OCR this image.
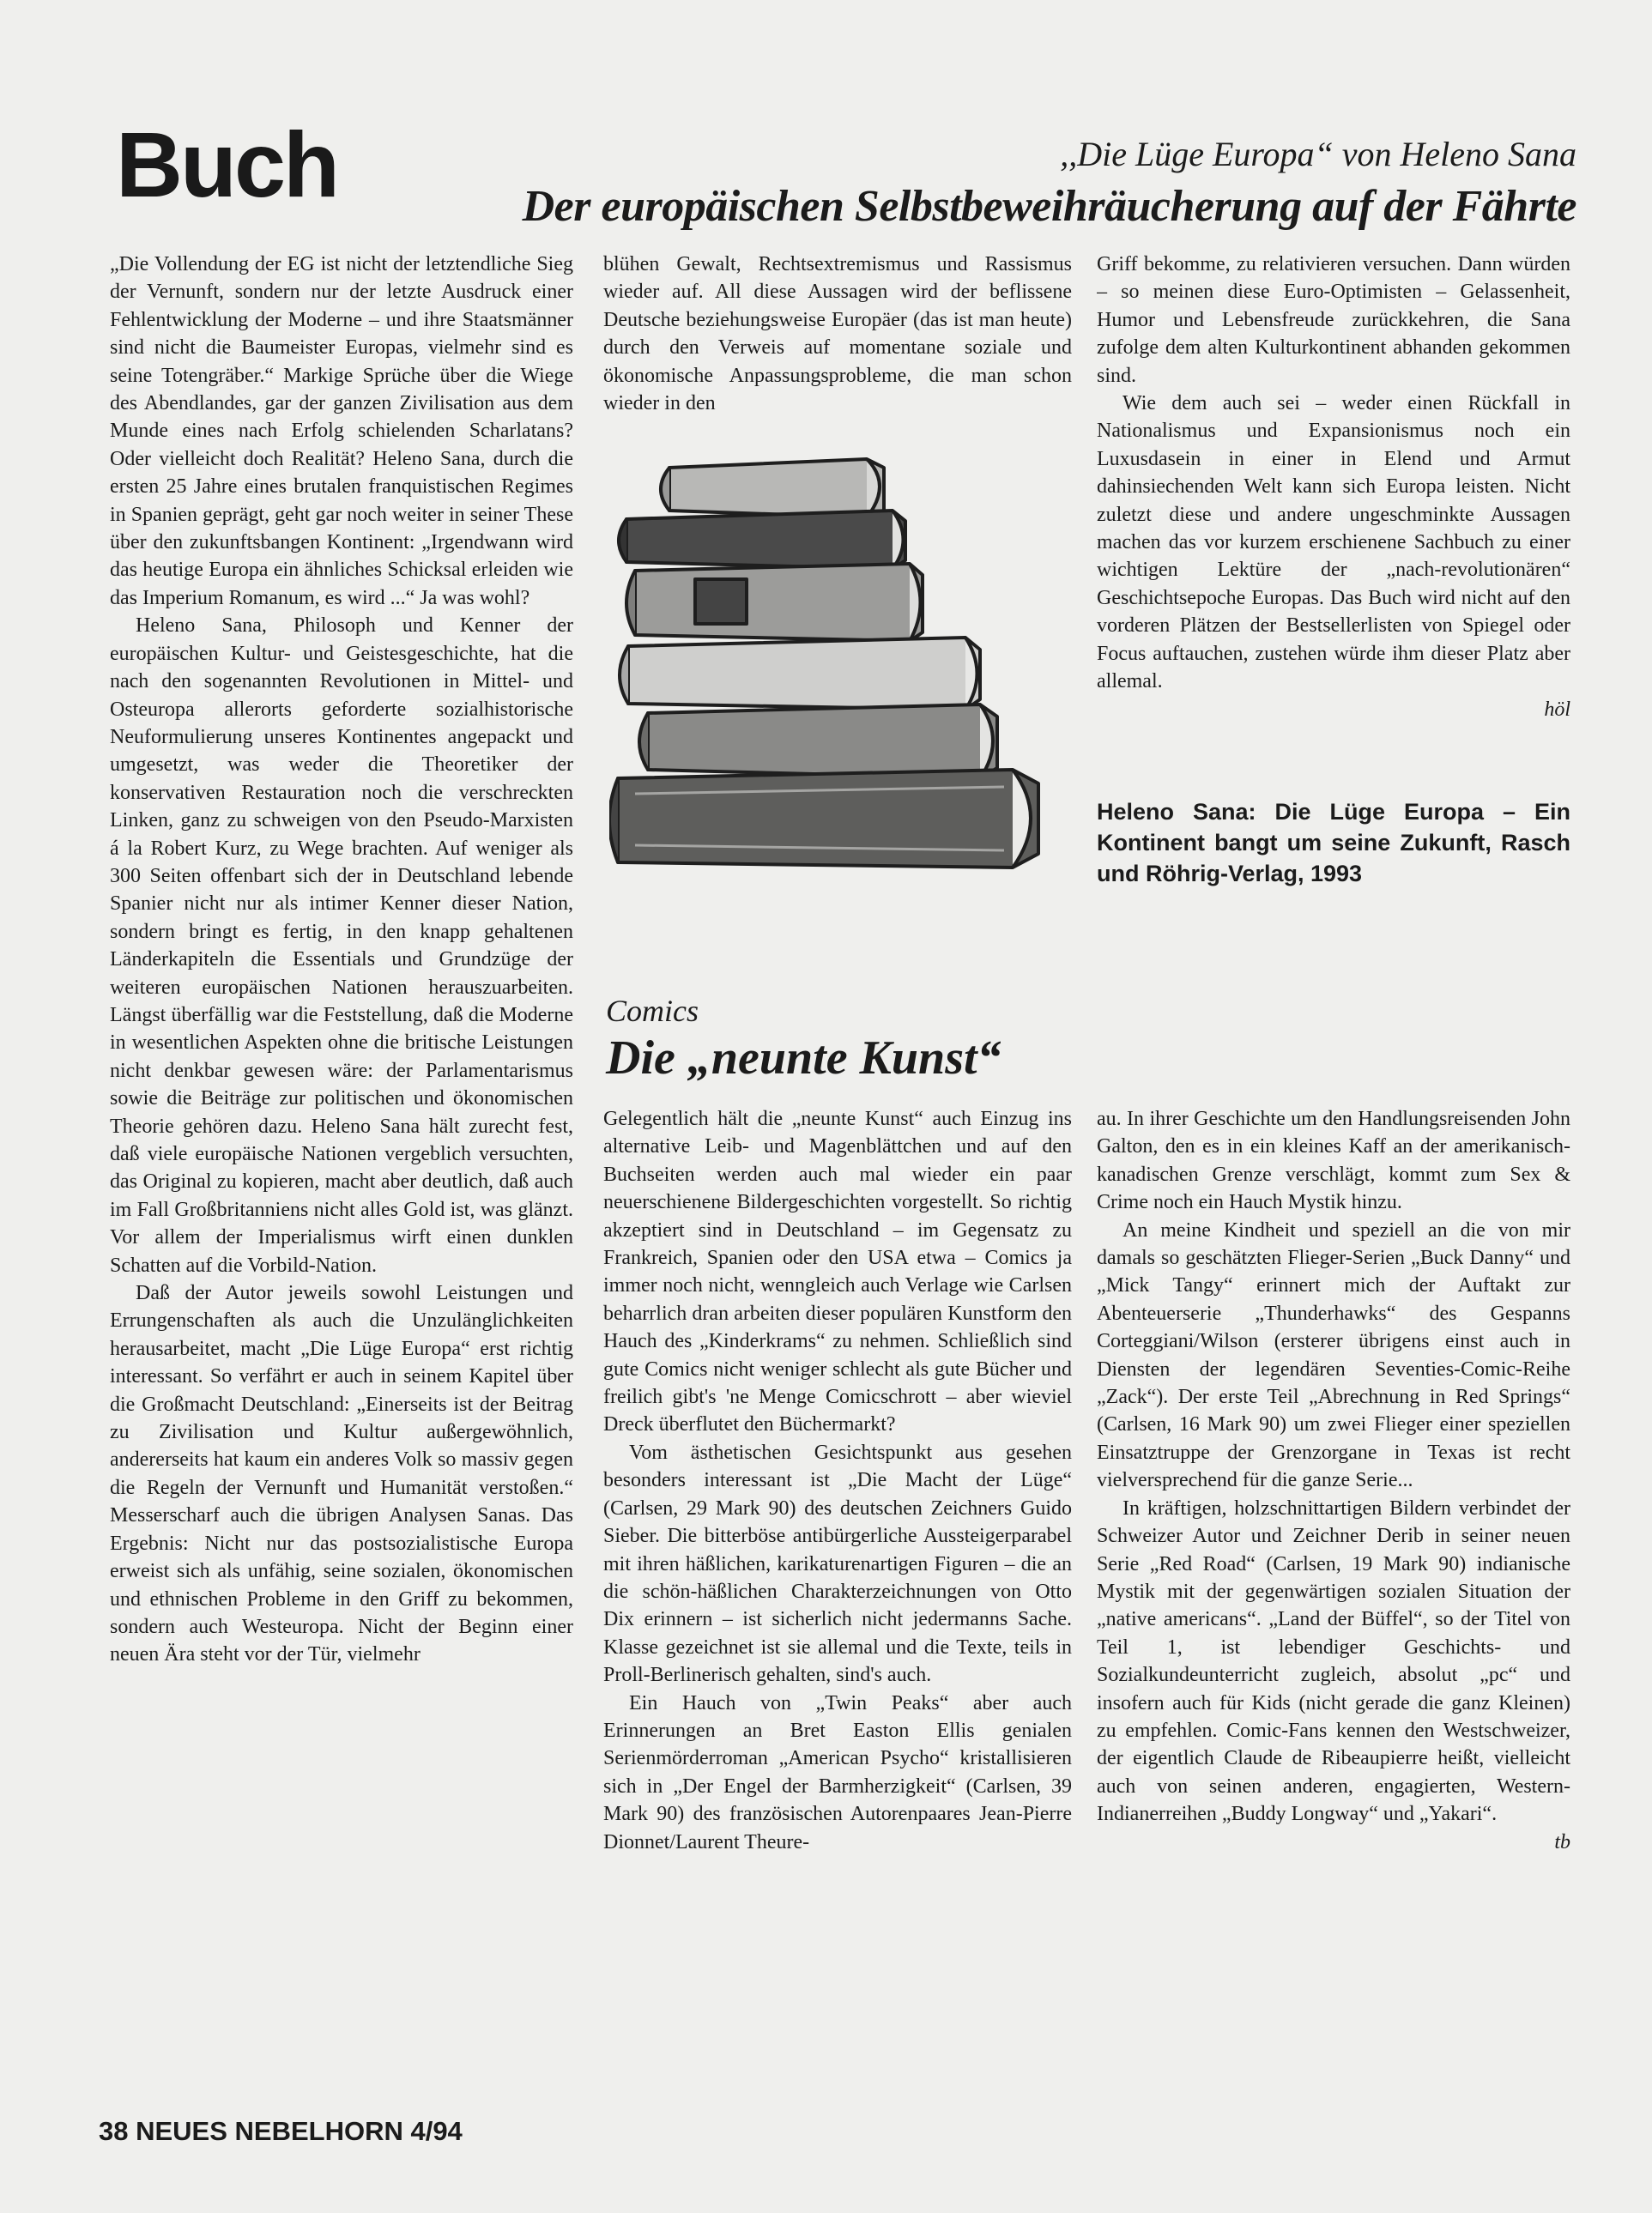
Buch	,,Die Lüge Europa“ von Heleno Sana
Der europäischen Selbstbeweihräucherung auf der Fährte

„Die Vollendung der EG ist nicht der letztendliche Sieg der Vernunft, sondern nur der letzte Ausdruck einer Fehlentwicklung der Moderne – und ihre Staatsmänner sind nicht die Baumeister Europas, vielmehr sind es seine Totengräber.“ Markige Sprüche über die Wiege des Abendlandes, gar der ganzen Zivilisation aus dem Munde eines nach Erfolg schielenden Scharlatans? Oder vielleicht doch Realität? Heleno Sana, durch die ersten 25 Jahre eines brutalen franquistischen Regimes in Spanien geprägt, geht gar noch weiter in seiner These über den zukunftsbangen Kontinent: „Irgendwann wird das heutige Europa ein ähnliches Schicksal erleiden wie das Imperium Romanum, es wird ...“ Ja was wohl?

Heleno Sana, Philosoph und Kenner der europäischen Kultur- und Geistesgeschichte, hat die nach den sogenannten Revolutionen in Mittel- und Osteuropa allerorts geforderte sozialhistorische Neuformulierung unseres Kontinentes angepackt und umgesetzt, was weder die Theoretiker der konservativen Restauration noch die verschreckten Linken, ganz zu schweigen von den Pseudo-Marxisten á la Robert Kurz, zu Wege brachten. Auf weniger als 300 Seiten offenbart sich der in Deutschland lebende Spanier nicht nur als intimer Kenner dieser Nation, sondern bringt es fertig, in den knapp gehaltenen Länderkapiteln die Essentials und Grundzüge der weiteren europäischen Nationen herauszuarbeiten. Längst überfällig war die Feststellung, daß die Moderne in wesentlichen Aspekten ohne die britische Leistungen nicht denkbar gewesen wäre: der Parlamentarismus sowie die Beiträge zur politischen und ökonomischen Theorie gehören dazu. Heleno Sana hält zurecht fest, daß viele europäische Nationen vergeblich versuchten, das Original zu kopieren, macht aber deutlich, daß auch im Fall Großbritanniens nicht alles Gold ist, was glänzt. Vor allem der Imperialismus wirft einen dunklen Schatten auf die Vorbild-Nation.

Daß der Autor jeweils sowohl Leistungen und Errungenschaften als auch die Unzulänglichkeiten herausarbeitet, macht „Die Lüge Europa“ erst richtig interessant. So verfährt er auch in seinem Kapitel über die Großmacht Deutschland: „Einerseits ist der Beitrag zu Zivilisation und Kultur außergewöhnlich, andererseits hat kaum ein anderes Volk so massiv gegen die Regeln der Vernunft und Humanität verstoßen.“ Messerscharf auch die übrigen Analysen Sanas. Das Ergebnis: Nicht nur das postsozialistische Europa erweist sich als unfähig, seine sozialen, ökonomischen und ethnischen Probleme in den Griff zu bekommen, sondern auch Westeuropa. Nicht der Beginn einer neuen Ära steht vor der Tür, vielmehr

blühen Gewalt, Rechtsextremismus und Rassismus wieder auf. All diese Aussagen wird der beflissene Deutsche beziehungsweise Europäer (das ist man heute) durch den Verweis auf momentane soziale und ökonomische Anpassungsprobleme, die man schon wieder in den

Griff bekomme, zu relativieren versuchen. Dann würden – so meinen diese Euro-Optimisten – Gelassenheit, Humor und Lebensfreude zurückkehren, die Sana zufolge dem alten Kulturkontinent abhanden gekommen sind.

Wie dem auch sei – weder einen Rückfall in Nationalismus und Expansionismus noch ein Luxusdasein in einer in Elend und Armut dahinsiechenden Welt kann sich Europa leisten. Nicht zuletzt diese und andere ungeschminkte Aussagen machen das vor kurzem erschienene Sachbuch zu einer wichtigen Lektüre der „nach-revolutionären“ Geschichtsepoche Europas. Das Buch wird nicht auf den vorderen Plätzen der Bestsellerlisten von Spiegel oder Focus auftauchen, zustehen würde ihm dieser Platz aber allemal.

höl

Heleno Sana: Die Lüge Europa – Ein Kontinent bangt um seine Zukunft, Rasch und Röhrig-Verlag, 1993
Comics
Die „neunte Kunst“

Gelegentlich hält die „neunte Kunst“ auch Einzug ins alternative Leib- und Magenblättchen und auf den Buchseiten werden auch mal wieder ein paar neuerschienene Bildergeschichten vorgestellt. So richtig akzeptiert sind in Deutschland – im Gegensatz zu Frankreich, Spanien oder den USA etwa – Comics ja immer noch nicht, wenngleich auch Verlage wie Carlsen beharrlich dran arbeiten dieser populären Kunstform den Hauch des „Kinderkrams“ zu nehmen. Schließlich sind gute Comics nicht weniger schlecht als gute Bücher und freilich gibt's 'ne Menge Comicschrott – aber wieviel Dreck überflutet den Büchermarkt?

Vom ästhetischen Gesichtspunkt aus gesehen besonders interessant ist „Die Macht der Lüge“ (Carlsen, 29 Mark 90) des deutschen Zeichners Guido Sieber. Die bitterböse antibürgerliche Aussteigerparabel mit ihren häßlichen, karikaturenartigen Figuren – die an die schön-häßlichen Charakterzeichnungen von Otto Dix erinnern – ist sicherlich nicht jedermanns Sache. Klasse gezeichnet ist sie allemal und die Texte, teils in Proll-Berlinerisch gehalten, sind's auch.

Ein Hauch von „Twin Peaks“ aber auch Erinnerungen an Bret Easton Ellis genialen Serienmörderroman „American Psycho“ kristallisieren sich in „Der Engel der Barmherzigkeit“ (Carlsen, 39 Mark 90) des französischen Autorenpaares Jean-Pierre Dionnet/Laurent Theure-

au. In ihrer Geschichte um den Handlungsreisenden John Galton, den es in ein kleines Kaff an der amerikanisch-kanadischen Grenze verschlägt, kommt zum Sex & Crime noch ein Hauch Mystik hinzu.

An meine Kindheit und speziell an die von mir damals so geschätzten Flieger-Serien „Buck Danny“ und „Mick Tangy“ erinnert mich der Auftakt zur Abenteuerserie „Thunderhawks“ des Gespanns Corteggiani/Wilson (ersterer übrigens einst auch in Diensten der legendären Seventies-Comic-Reihe „Zack“). Der erste Teil „Abrechnung in Red Springs“ (Carlsen, 16 Mark 90) um zwei Flieger einer speziellen Einsatztruppe der Grenzorgane in Texas ist recht vielversprechend für die ganze Serie...

In kräftigen, holzschnittartigen Bildern verbindet der Schweizer Autor und Zeichner Derib in seiner neuen Serie „Red Road“ (Carlsen, 19 Mark 90) indianische Mystik mit der gegenwärtigen sozialen Situation der „native americans“. „Land der Büffel“, so der Titel von Teil 1, ist lebendiger Geschichts- und Sozialkundeunterricht zugleich, absolut „pc“ und insofern auch für Kids (nicht gerade die ganz Kleinen) zu empfehlen. Comic-Fans kennen den Westschweizer, der eigentlich Claude de Ribeaupierre heißt, vielleicht auch von seinen anderen, engagierten, Western-Indianerreihen „Buddy Longway“ und „Yakari“.

tb

38 NEUES NEBELHORN 4/94
